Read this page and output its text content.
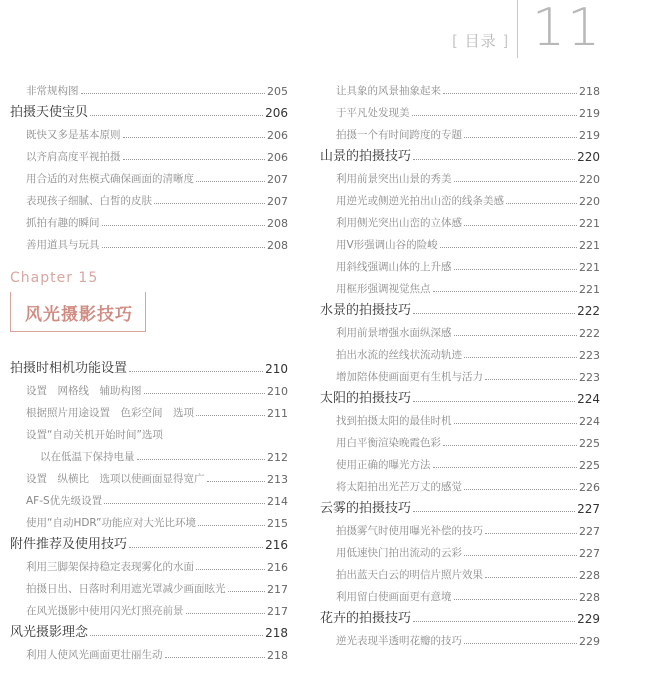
[ 目录 ] 11
非常规构图	205
拍摄天使宝贝	206
既快又多是基本原则	206
以齐肩高度平视拍摄	206
用合适的对焦模式确保画面的清晰度	207
表现孩子细腻、白皙的皮肤	207
抓拍有趣的瞬间	208
善用道具与玩具	208
Chapter 15
风光摄影技巧
拍摄时相机功能设置	210
设置　网格线　辅助构图	210
根据照片用途设置　色彩空间　选项	211
设置“自动关机开始时间”选项
以在低温下保持电量	212
设置　纵横比　选项以使画面显得宽广	213
AF-S优先级设置	214
使用“自动HDR”功能应对大光比环境	215
附件推荐及使用技巧	216
利用三脚架保持稳定表现雾化的水面	216
拍摄日出、日落时利用遮光罩减少画面眩光	217
在风光摄影中使用闪光灯照亮前景	217
风光摄影理念	218
利用人使风光画面更壮丽生动	218
让具象的风景抽象起来	218
于平凡处发现美	219
拍摄一个有时间跨度的专题	219
山景的拍摄技巧	220
利用前景突出山景的秀美	220
用逆光或侧逆光拍出山峦的线条美感	220
利用侧光突出山峦的立体感	221
用V形强调山谷的险峻	221
用斜线强调山体的上升感	221
用框形强调视觉焦点	221
水景的拍摄技巧	222
利用前景增强水面纵深感	222
拍出水流的丝线状流动轨迹	223
增加陪体使画面更有生机与活力	223
太阳的拍摄技巧	224
找到拍摄太阳的最佳时机	224
用白平衡渲染晚霞色彩	225
使用正确的曝光方法	225
将太阳拍出光芒万丈的感觉	226
云雾的拍摄技巧	227
拍摄雾气时使用曝光补偿的技巧	227
用低速快门拍出流动的云彩	227
拍出蓝天白云的明信片照片效果	228
利用留白使画面更有意境	228
花卉的拍摄技巧	229
逆光表现半透明花瓣的技巧	229
